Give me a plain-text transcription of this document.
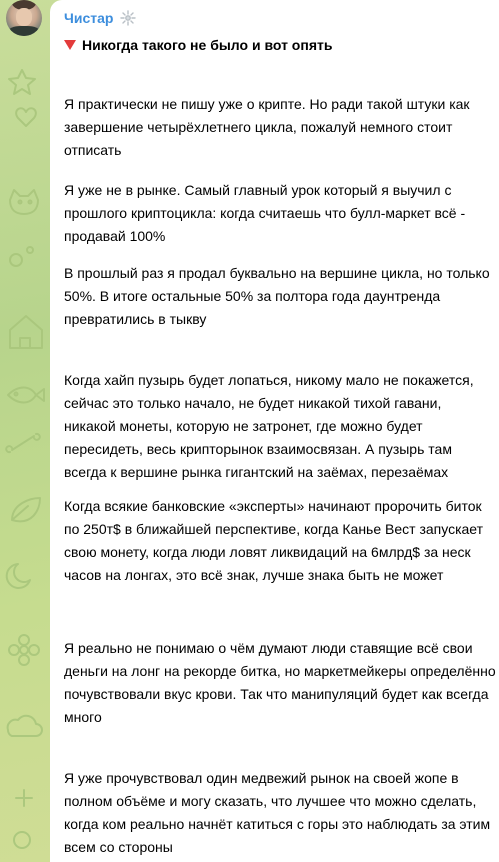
Чистар
Никогда такого не было и вот опять

Я практически не пишу уже о крипте. Но ради такой штуки как завершение четырёхлетнего цикла, пожалуй немного стоит отписать

Я уже не в рынке. Самый главный урок который я выучил с прошлого криптоцикла: когда считаешь что булл-маркет всё - продавай 100%

В прошлый раз я продал буквально на вершине цикла, но только 50%. В итоге остальные 50% за полтора года даунтренда превратились в тыкву

Когда хайп пузырь будет лопаться, никому мало не покажется, сейчас это только начало, не будет никакой тихой гавани, никакой монеты, которую не затронет, где можно будет пересидеть, весь крипторынок взаимосвязан. А пузырь там всегда к вершине рынка гигантский на заёмах, перезаёмах

Когда всякие банковские «эксперты» начинают пророчить биток по 250т$ в ближайшей перспективе, когда Канье Вест запускает свою монету, когда люди ловят ликвидаций на 6млрд$ за неск часов на лонгах, это всё знак, лучше знака быть не может

Я реально не понимаю о чём думают люди ставящие всё свои деньги на лонг на рекорде битка, но маркетмейкеры определённо почувствовали вкус крови. Так что манипуляций будет как всегда много

Я уже прочувствовал один медвежий рынок на своей жопе в полном объёме и могу сказать, что лучшее что можно сделать, когда ком реально начнёт катиться с горы это наблюдать за этим всем со стороны
